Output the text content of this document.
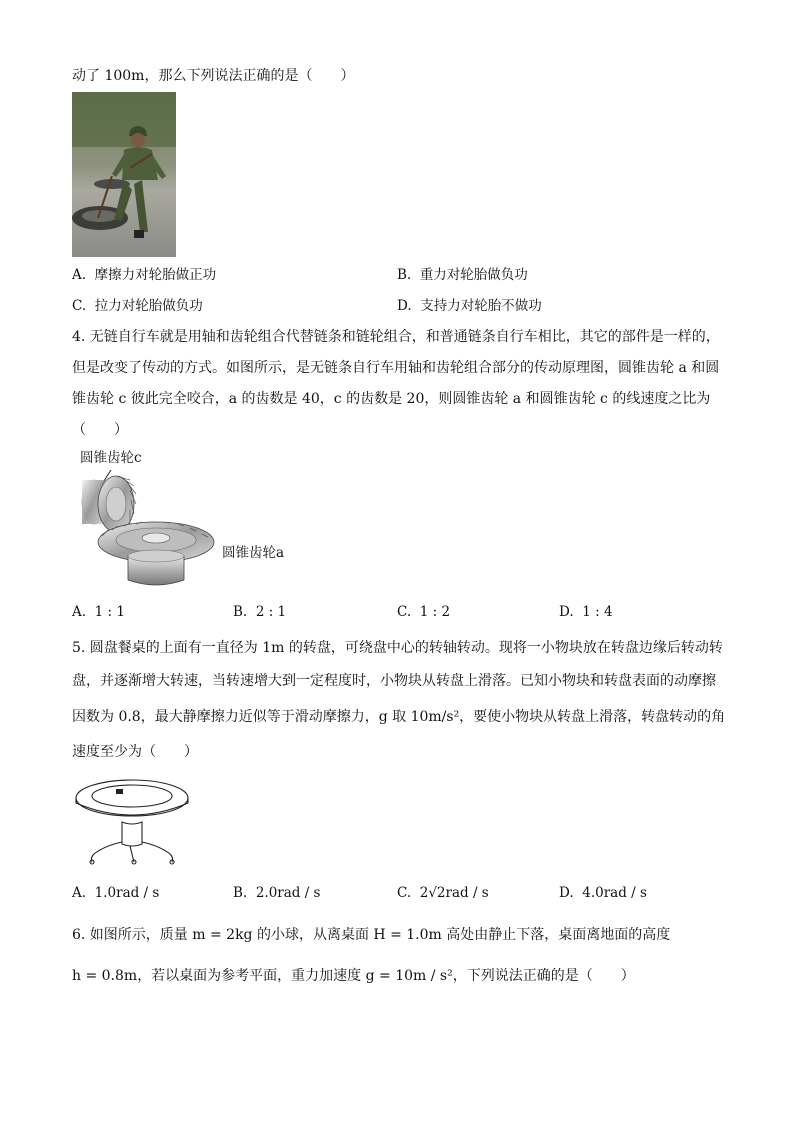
动了 100m，那么下列说法正确的是（　　）
A. 摩擦力对轮胎做正功	B. 重力对轮胎做负功
C. 拉力对轮胎做负功	D. 支持力对轮胎不做功
4. 无链自行车就是用轴和齿轮组合代替链条和链轮组合，和普通链条自行车相比，其它的部件是一样的，
但是改变了传动的方式。如图所示，是无链条自行车用轴和齿轮组合部分的传动原理图，圆锥齿轮 a 和圆
锥齿轮 c 彼此完全咬合，a 的齿数是 40，c 的齿数是 20，则圆锥齿轮 a 和圆锥齿轮 c 的线速度之比为
（　　）
圆锥齿轮c
圆锥齿轮a
A. 1 : 1	B. 2 : 1	C. 1 : 2	D. 1 : 4
5. 圆盘餐桌的上面有一直径为 1m 的转盘，可绕盘中心的转轴转动。现将一小物块放在转盘边缘后转动转
盘，并逐渐增大转速，当转速增大到一定程度时，小物块从转盘上滑落。已知小物块和转盘表面的动摩擦
因数为 0.8，最大静摩擦力近似等于滑动摩擦力，g 取 10m/s²，要使小物块从转盘上滑落，转盘转动的角
速度至少为（　　）
A. 1.0rad / s	B. 2.0rad / s	C. 2√2rad / s	D. 4.0rad / s
6. 如图所示，质量 m = 2kg 的小球，从离桌面 H = 1.0m 高处由静止下落，桌面离地面的高度
h = 0.8m，若以桌面为参考平面，重力加速度 g = 10m / s²，下列说法正确的是（　　）
